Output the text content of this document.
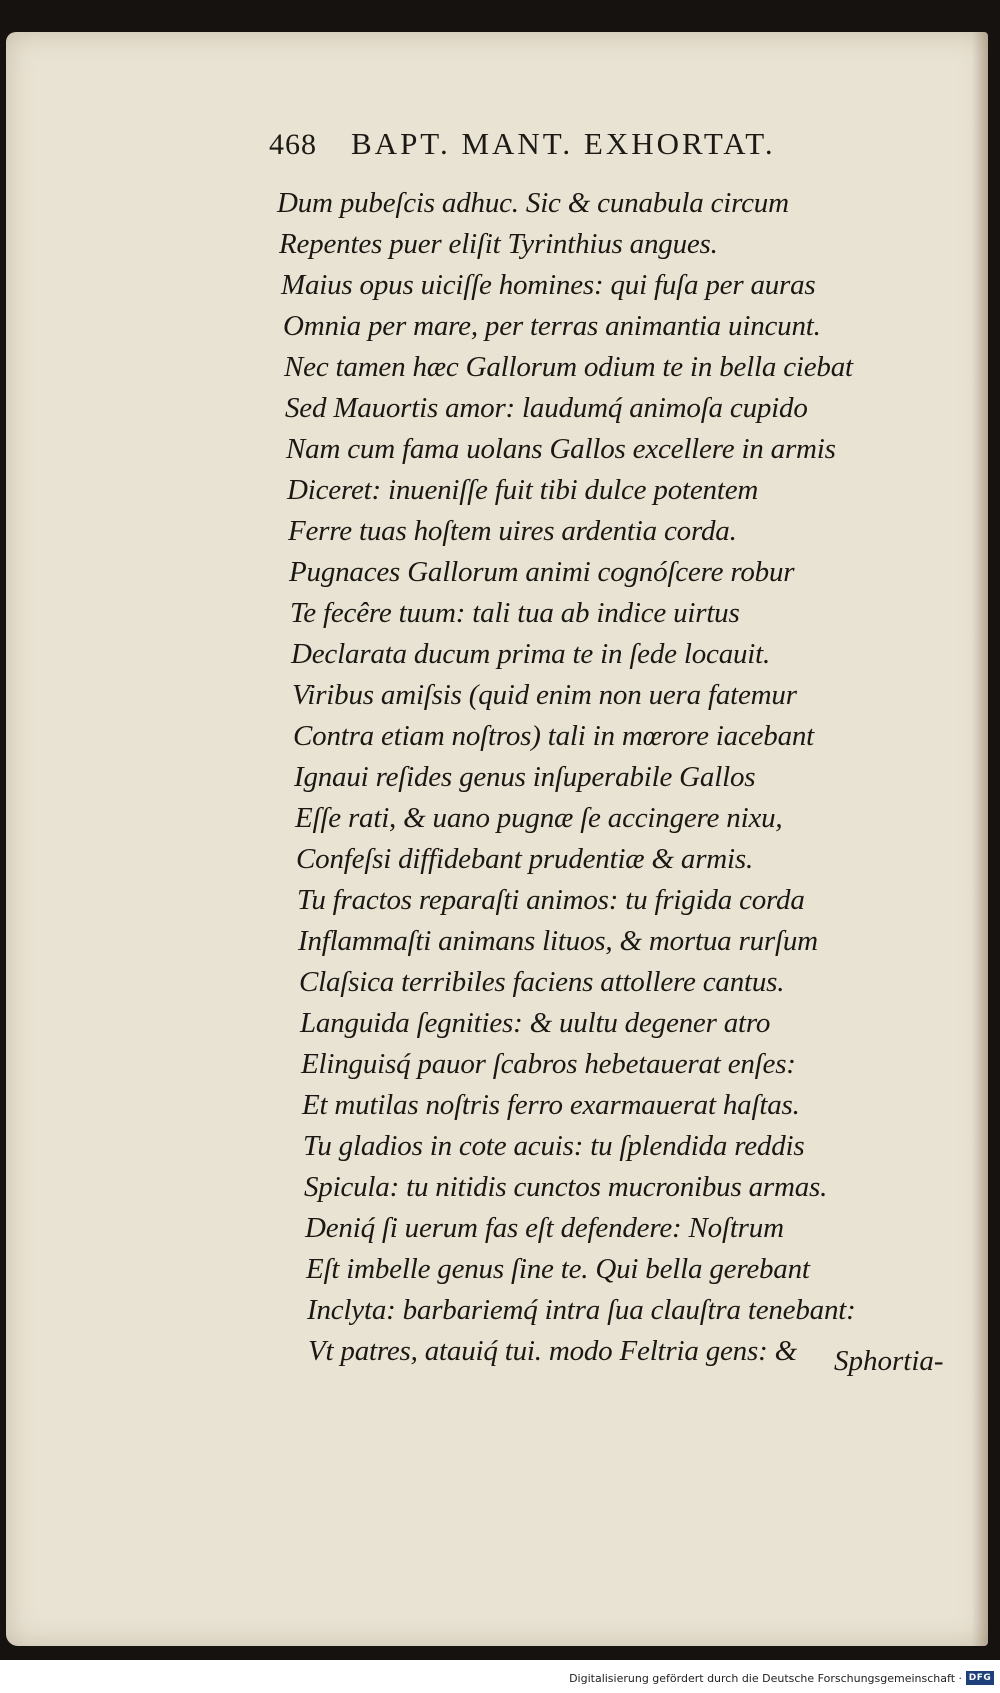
468 BAPT. MANT. EXHORTAT.

Dum pubeſcis adhuc. Sic & cunabula circum

Repentes puer eliſit Tyrinthius angues.

Maius opus uiciſſe homines: qui fuſa per auras

Omnia per mare, per terras animantia uincunt.

Nec tamen hæc Gallorum odium te in bella ciebat

Sed Mauortis amor: laudumq́ animoſa cupido

Nam cum fama uolans Gallos excellere in armis

Diceret: inueniſſe fuit tibi dulce potentem

Ferre tuas hoſtem uires ardentia corda.

Pugnaces Gallorum animi cognóſcere robur

Te fecêre tuum: tali tua ab indice uirtus

Declarata ducum prima te in ſede locauit.

Viribus amiſsis (quid enim non uera fatemur

Contra etiam noſtros) tali in mœrore iacebant

Ignaui reſides genus inſuperabile Gallos

Eſſe rati, & uano pugnæ ſe accingere nixu,

Confeſsi diffidebant prudentiæ & armis.

Tu fractos reparaſti animos: tu frigida corda

Inflammaſti animans lituos, & mortua rurſum

Claſsica terribiles faciens attollere cantus.

Languida ſegnities: & uultu degener atro

Elinguisq́ pauor ſcabros hebetauerat enſes:

Et mutilas noſtris ferro exarmauerat haſtas.

Tu gladios in cote acuis: tu ſplendida reddis

Spicula: tu nitidis cunctos mucronibus armas.

Deniq́ ſi uerum fas eſt defendere: Noſtrum

Eſt imbelle genus ſine te. Qui bella gerebant

Inclyta: barbariemq́ intra ſua clauſtra tenebant:

Vt patres, atauiq́ tui. modo Feltria gens: & Sphortia-

Digitalisierung gefördert durch die Deutsche Forschungsgemeinschaft · DFG
